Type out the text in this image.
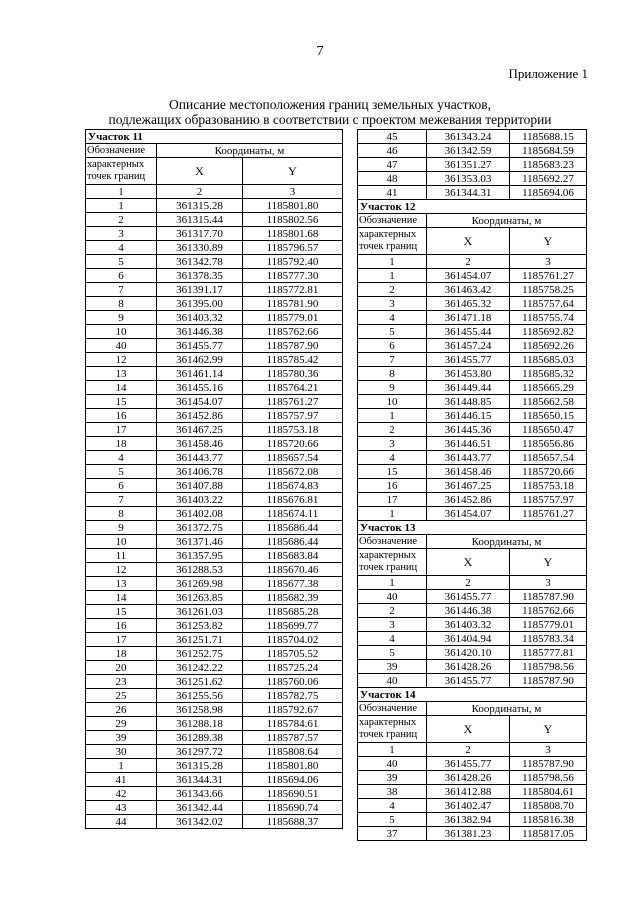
7
Приложение 1
Описание местоположения границ земельных участков,
подлежащих образованию в соответствии с проектом межевания территории
Участок 11		
Обозначение	Координаты, м	

характерных
точек границ	X	Y
1	2	3
1	361315.28	1185801.80
2	361315.44	1185802.56
3	361317.70	1185801.68
4	361330.89	1185796.57
5	361342.78	1185792.40
6	361378.35	1185777.30
7	361391.17	1185772.81
8	361395.00	1185781.90
9	361403.32	1185779.01
10	361446.38	1185762.66
40	361455.77	1185787.90
12	361462.99	1185785.42
13	361461.14	1185780.36
14	361455.16	1185764.21
15	361454.07	1185761.27
16	361452.86	1185757.97
17	361467.25	1185753.18
18	361458.46	1185720.66
4	361443.77	1185657.54
5	361406.78	1185672.08
6	361407.88	1185674.83
7	361403.22	1185676.81
8	361402.08	1185674.11
9	361372.75	1185686.44
10	361371.46	1185686.44
11	361357.95	1185683.84
12	361288.53	1185670.46
13	361269.98	1185677.38
14	361263.85	1185682.39
15	361261.03	1185685.28
16	361253.82	1185699.77
17	361251.71	1185704.02
18	361252.75	1185705.52
20	361242.22	1185725.24
23	361251.62	1185760.06
25	361255.56	1185782.75
26	361258.98	1185792.67
29	361288.18	1185784.61
39	361289.38	1185787.57
30	361297.72	1185808.64
1	361315.28	1185801.80
41	361344.31	1185694.06
42	361343.66	1185690.51
43	361342.44	1185690.74
44	361342.02	1185688.37
45	361343.24	1185688.15
46	361342.59	1185684.59
47	361351.27	1185683.23
48	361353.03	1185692.27
41	361344.31	1185694.06
Участок 12		
Обозначение	Координаты, м	

характерных
точек границ	X	Y
1	2	3
1	361454.07	1185761.27
2	361463.42	1185758.25
3	361465.32	1185757.64
4	361471.18	1185755.74
5	361455.44	1185692.82
6	361457.24	1185692.26
7	361455.77	1185685.03
8	361453.80	1185685.32
9	361449.44	1185665.29
10	361448.85	1185662.58
1	361446.15	1185650.15
2	361445.36	1185650.47
3	361446.51	1185656.86
4	361443.77	1185657.54
15	361458.46	1185720.66
16	361467.25	1185753.18
17	361452.86	1185757.97
1	361454.07	1185761.27
Участок 13		
Обозначение	Координаты, м	

характерных
точек границ	X	Y
1	2	3
40	361455.77	1185787.90
2	361446.38	1185762.66
3	361403.32	1185779.01
4	361404.94	1185783.34
5	361420.10	1185777.81
39	361428.26	1185798.56
40	361455.77	1185787.90
Участок 14		
Обозначение	Координаты, м	

характерных
точек границ	X	Y
1	2	3
40	361455.77	1185787.90
39	361428.26	1185798.56
38	361412.88	1185804.61
4	361402.47	1185808.70
5	361382.94	1185816.38
37	361381.23	1185817.05
